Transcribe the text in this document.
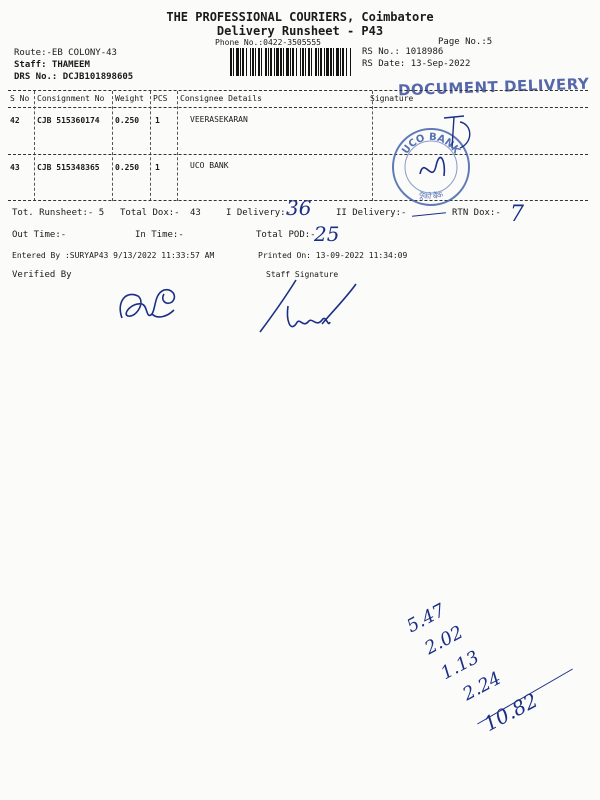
THE PROFESSIONAL COURIERS, Coimbatore
Delivery Runsheet - P43
Phone No.:0422-3505555	Page No.:5
Route:-EB COLONY-43
Staff: THAMEEM
DRS No.: DCJB101898605
RS No.: 1018986
RS Date: 13-Sep-2022
DOCUMENT DELIVERY
S No Consignment No Weight PCS Consignee Details	Signature
42 CJB 515360174 0.250 1	VEERASEKARAN
43 CJB 515348365 0.250 1	UCO BANK
UCO BANK
यूको बैंक
Tot. Runsheet:- 5 Total Dox:- 43	I Delivery:-
36	II Delivery:-	RTN Dox:- 7
Out Time:-	In Time:-	Total POD:-
25
Entered By :SURYAP43 9/13/2022 11:33:57 AM	Printed On: 13-09-2022 11:34:09
Verified By	Staff Signature
5.47
2.02
1.13
2.24
10.82
